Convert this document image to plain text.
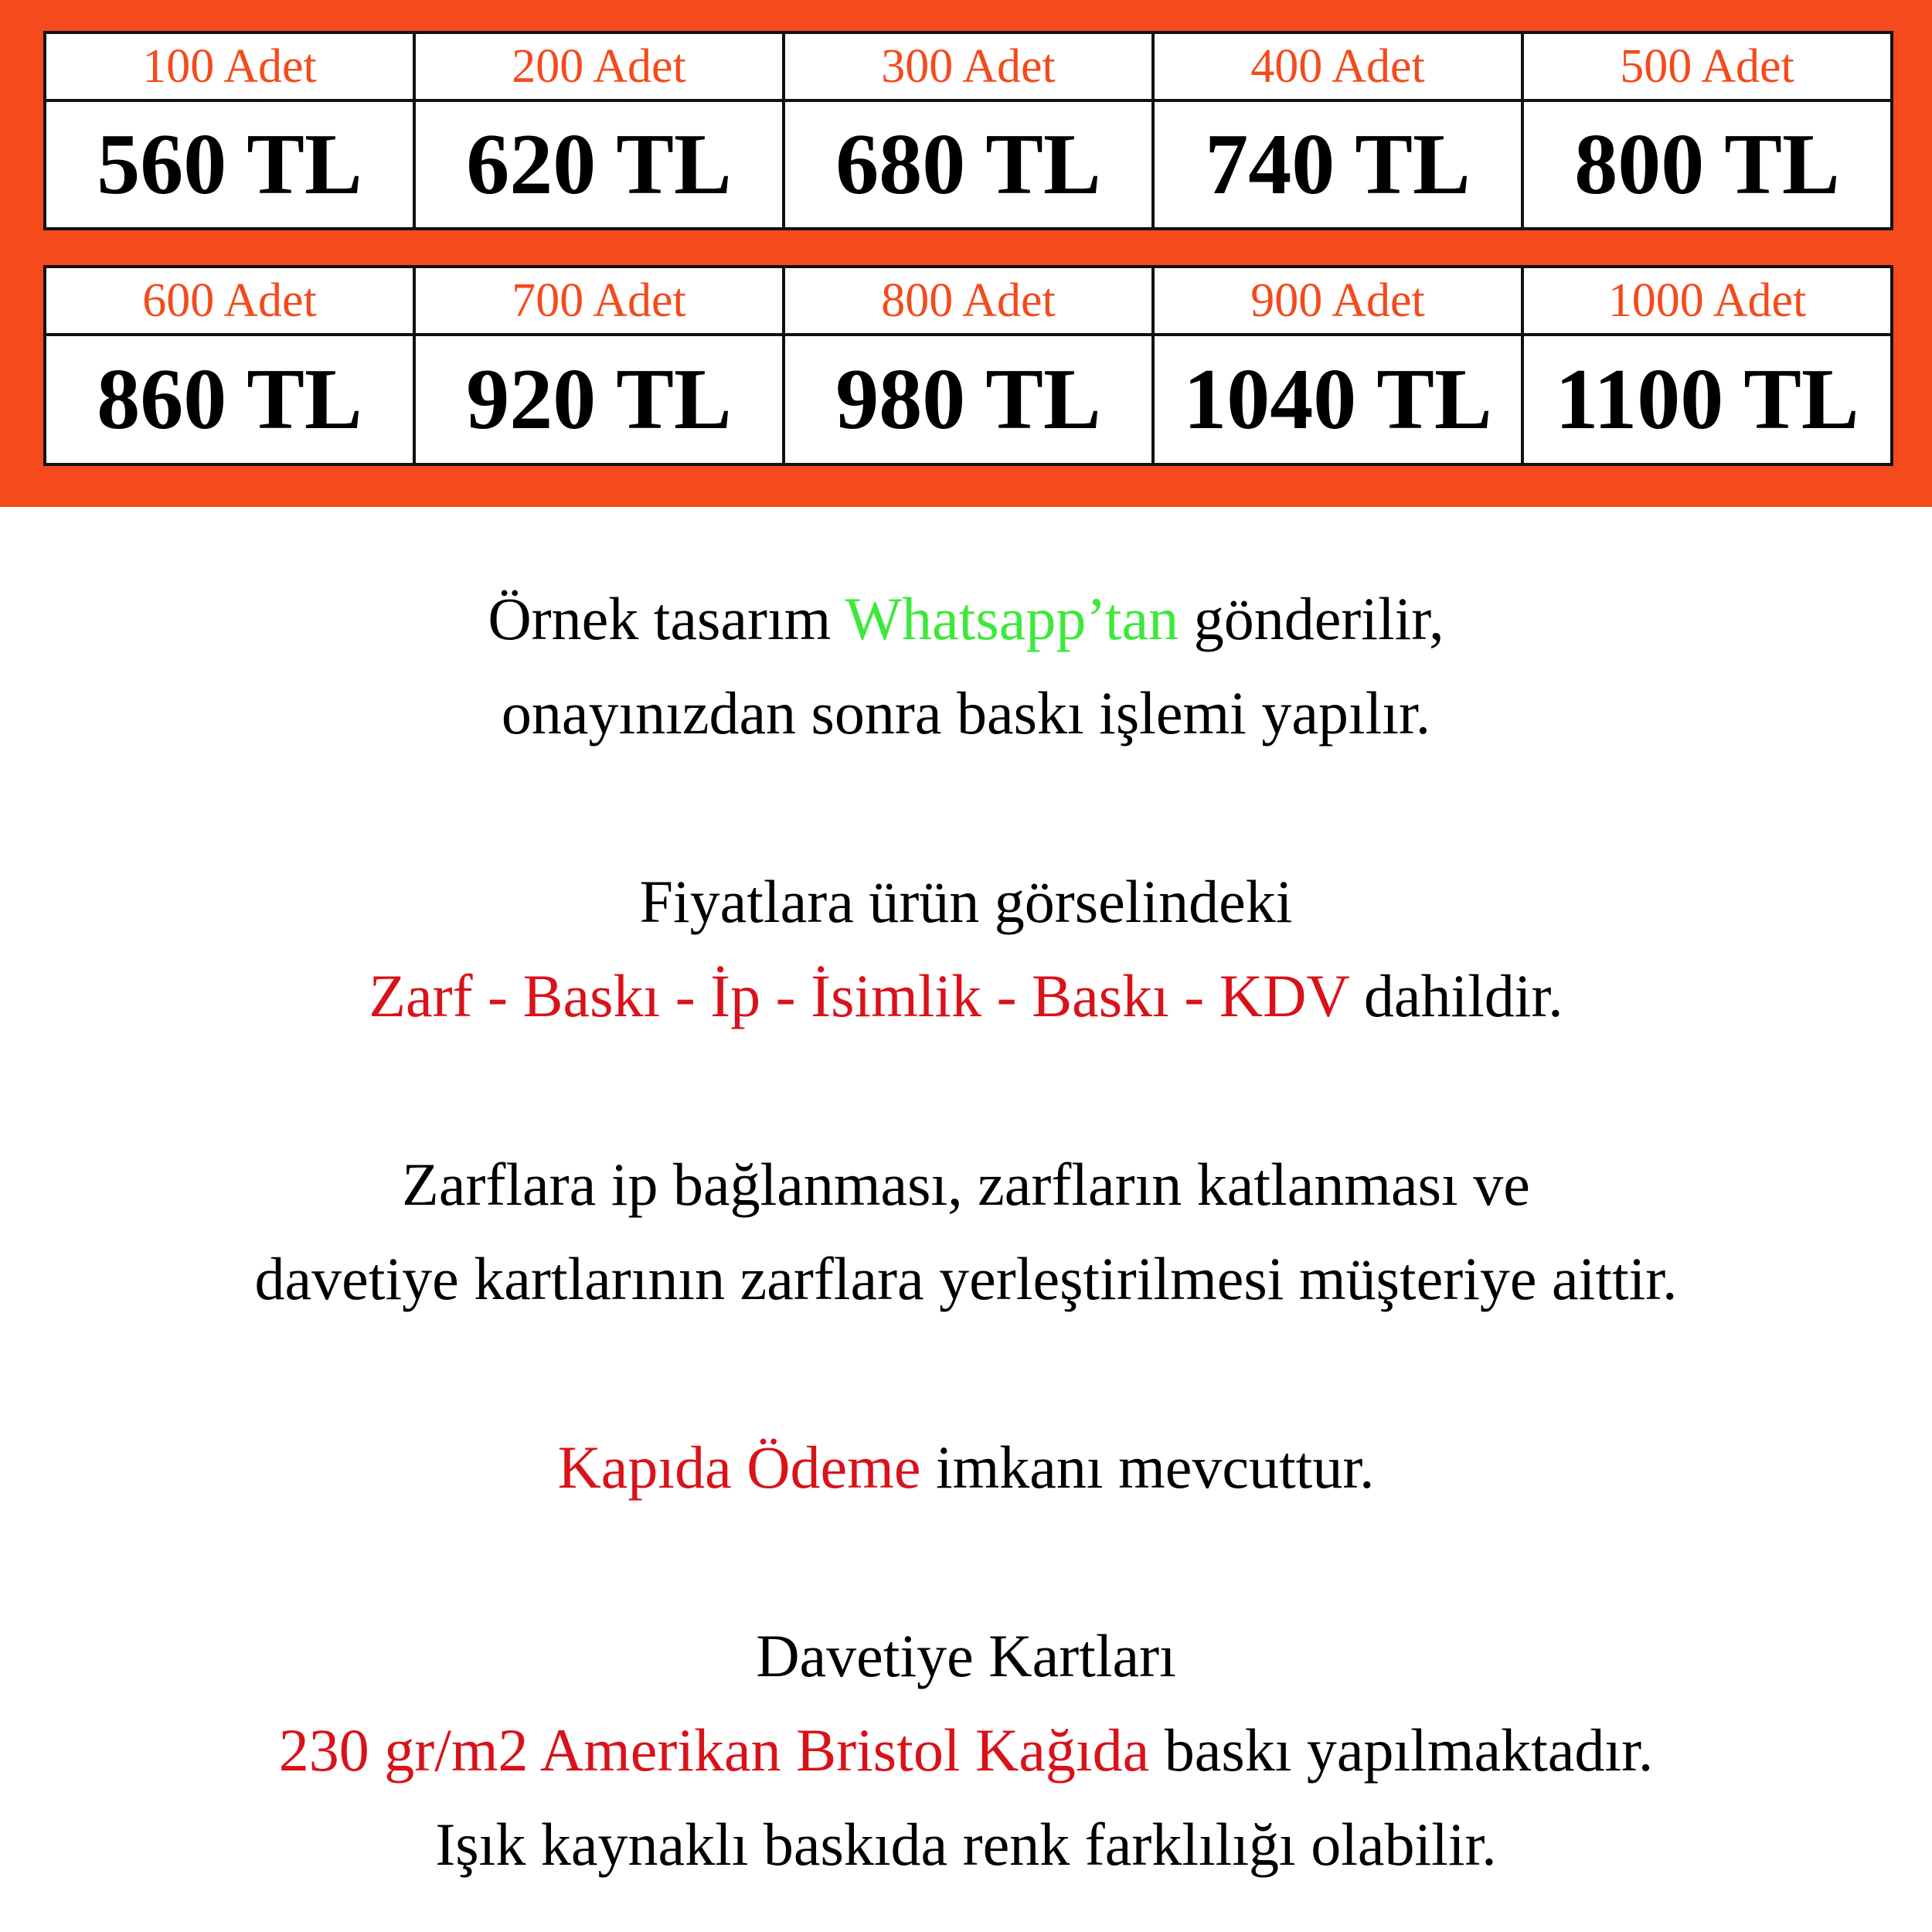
100 Adet	200 Adet	300 Adet	400 Adet	500 Adet
560 TL	620 TL	680 TL	740 TL	800 TL
600 Adet	700 Adet	800 Adet	900 Adet	1000 Adet
860 TL	920 TL	980 TL	1040 TL	1100 TL

Örnek tasarım Whatsapp’tan gönderilir,

onayınızdan sonra baskı işlemi yapılır.

Fiyatlara ürün görselindeki

Zarf - Baskı - İp - İsimlik - Baskı - KDV dahildir.

Zarflara ip bağlanması, zarfların katlanması ve

davetiye kartlarının zarflara yerleştirilmesi müşteriye aittir.

Kapıda Ödeme imkanı mevcuttur.

Davetiye Kartları

230 gr/m2 Amerikan Bristol Kağıda baskı yapılmaktadır.

Işık kaynaklı baskıda renk farklılığı olabilir.
